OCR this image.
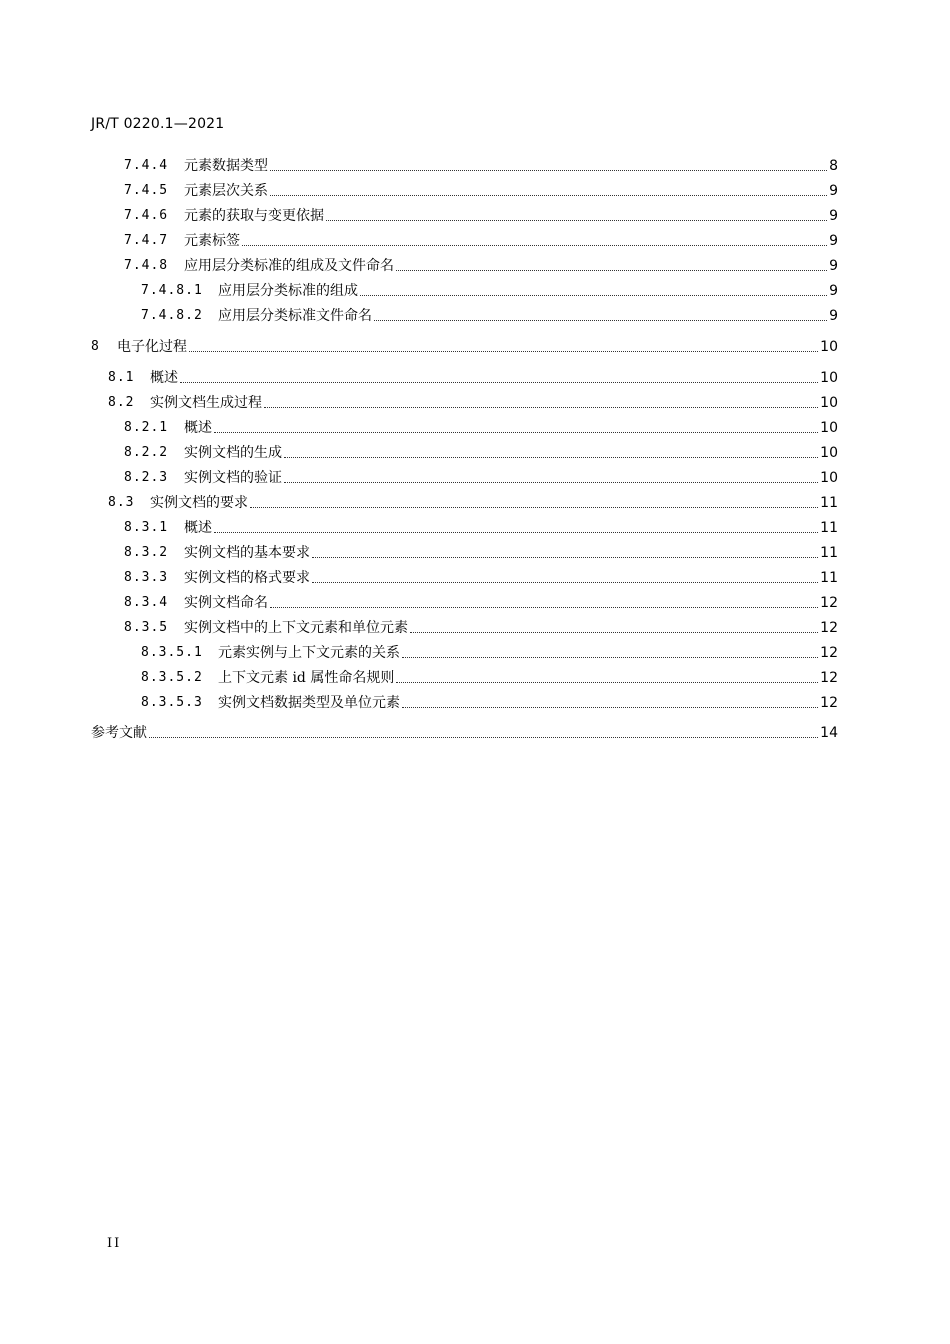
JR/T 0220.1—2021
7.4.4	元素数据类型	8
7.4.5	元素层次关系	9
7.4.6	元素的获取与变更依据	9
7.4.7	元素标签	9
7.4.8	应用层分类标准的组成及文件命名	9
7.4.8.1	应用层分类标准的组成	9
7.4.8.2	应用层分类标准文件命名	9
8	电子化过程	10
8.1	概述	10
8.2	实例文档生成过程	10
8.2.1	概述	10
8.2.2	实例文档的生成	10
8.2.3	实例文档的验证	10
8.3	实例文档的要求	11
8.3.1	概述	11
8.3.2	实例文档的基本要求	11
8.3.3	实例文档的格式要求	11
8.3.4	实例文档命名	12
8.3.5	实例文档中的上下文元素和单位元素	12
8.3.5.1	元素实例与上下文元素的关系	12
8.3.5.2	上下文元素 id 属性命名规则	12
8.3.5.3	实例文档数据类型及单位元素	12
参考文献	14
II
